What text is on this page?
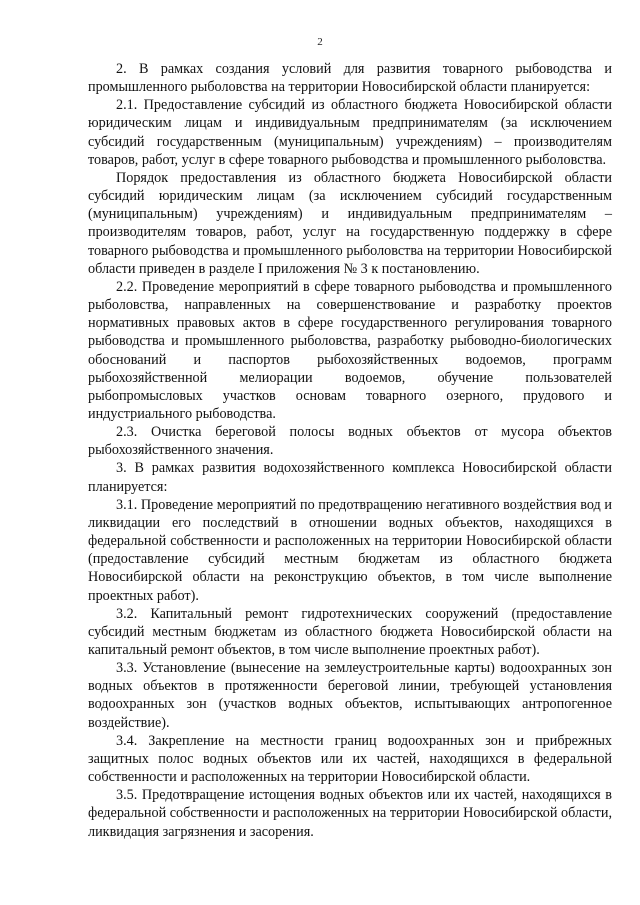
2

2. В рамках создания условий для развития товарного рыбоводства и промышленного рыболовства на территории Новосибирской области планируется:

2.1. Предоставление субсидий из областного бюджета Новосибирской области юридическим лицам и индивидуальным предпринимателям (за исключением субсидий государственным (муниципальным) учреждениям) – производителям товаров, работ, услуг в сфере товарного рыбоводства и промышленного рыболовства.

Порядок предоставления из областного бюджета Новосибирской области субсидий юридическим лицам (за исключением субсидий государственным (муниципальным) учреждениям) и индивидуальным предпринимателям – производителям товаров, работ, услуг на государственную поддержку в сфере товарного рыбоводства и промышленного рыболовства на территории Новосибирской области приведен в разделе I приложения № 3 к постановлению.

2.2. Проведение мероприятий в сфере товарного рыбоводства и промышленного рыболовства, направленных на совершенствование и разработку проектов нормативных правовых актов в сфере государственного регулирования товарного рыбоводства и промышленного рыболовства, разработку рыбоводно-биологических обоснований и паспортов рыбохозяйственных водоемов, программ рыбохозяйственной мелиорации водоемов, обучение пользователей рыбопромысловых участков основам товарного озерного, прудового и индустриального рыбоводства.

2.3. Очистка береговой полосы водных объектов от мусора объектов рыбохозяйственного значения.

3. В рамках развития водохозяйственного комплекса Новосибирской области планируется:

3.1. Проведение мероприятий по предотвращению негативного воздействия вод и ликвидации его последствий в отношении водных объектов, находящихся в федеральной собственности и расположенных на территории Новосибирской области (предоставление субсидий местным бюджетам из областного бюджета Новосибирской области на реконструкцию объектов, в том числе выполнение проектных работ).

3.2. Капитальный ремонт гидротехнических сооружений (предоставление субсидий местным бюджетам из областного бюджета Новосибирской области на капитальный ремонт объектов, в том числе выполнение проектных работ).

3.3. Установление (вынесение на землеустроительные карты) водоохранных зон водных объектов в протяженности береговой линии, требующей установления водоохранных зон (участков водных объектов, испытывающих антропогенное воздействие).

3.4. Закрепление на местности границ водоохранных зон и прибрежных защитных полос водных объектов или их частей, находящихся в федеральной собственности и расположенных на территории Новосибирской области.

3.5. Предотвращение истощения водных объектов или их частей, находящихся в федеральной собственности и расположенных на территории Новосибирской области, ликвидация загрязнения и засорения.
